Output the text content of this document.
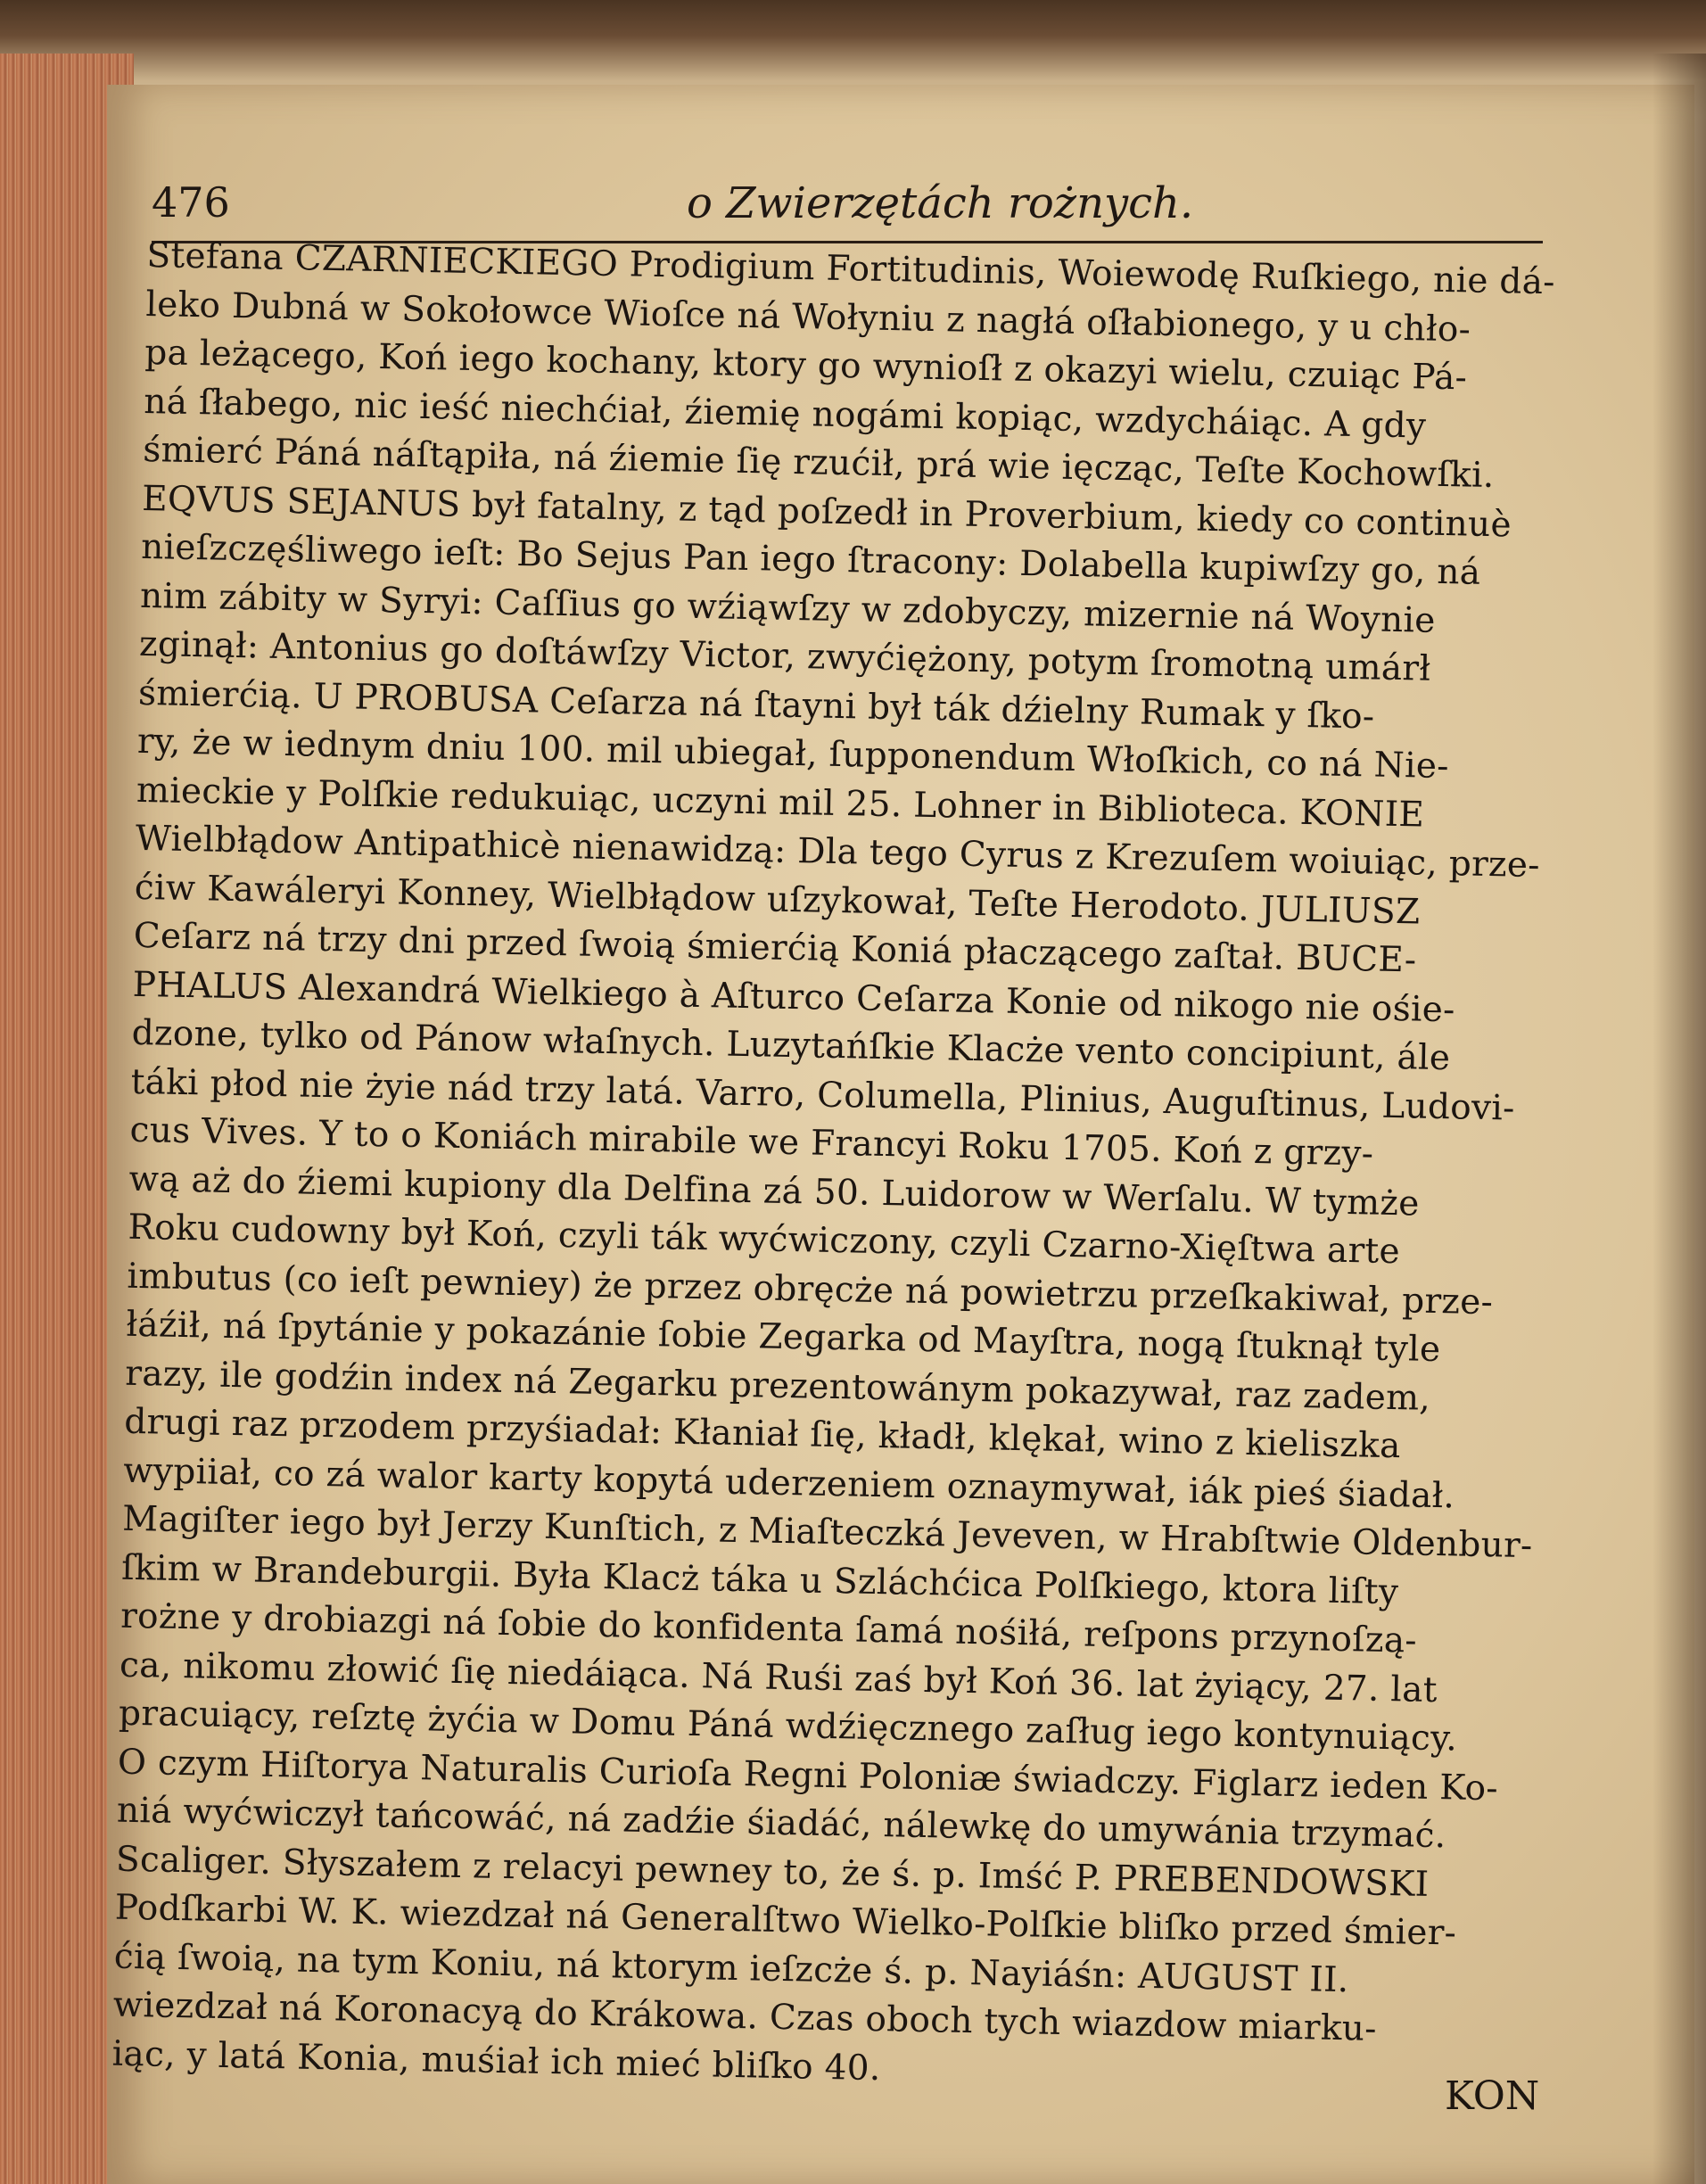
476	o Zwierzętách rożnych.
Stefana CZARNIECKIEGO Prodigium Fortitudinis, Woiewodę Ruſkiego, nie dá-
leko Dubná w Sokołowce Wioſce ná Wołyniu z nagłá oſłabionego, y u chło-
pa leżącego, Koń iego kochany, ktory go wynioſł z okazyi wielu, czuiąc Pá-
ná ſłabego, nic ieść niechćiał, źiemię nogámi kopiąc, wzdycháiąc. A gdy
śmierć Páná náſtąpiła, ná źiemie ſię rzućił, prá wie ięcząc, Teſte Kochowſki.
EQVUS SEJANUS był fatalny, z tąd poſzedł in Proverbium, kiedy co continuè
nieſzczęśliwego ieſt: Bo Sejus Pan iego ſtracony: Dolabella kupiwſzy go, ná
nim zábity w Syryi: Caſſius go wźiąwſzy w zdobyczy, mizernie ná Woynie
zginął: Antonius go doſtáwſzy Victor, zwyćiężony, potym ſromotną umárł
śmierćią. U PROBUSA Ceſarza ná ſtayni był ták dźielny Rumak y ſko-
ry, że w iednym dniu 100. mil ubiegał, ſupponendum Włoſkich, co ná Nie-
mieckie y Polſkie redukuiąc, uczyni mil 25. Lohner in Biblioteca. KONIE
Wielbłądow Antipathicè nienawidzą: Dla tego Cyrus z Krezuſem woiuiąc, prze-
ćiw Kawáleryi Konney, Wielbłądow uſzykował, Teſte Herodoto. JULIUSZ
Ceſarz ná trzy dni przed ſwoią śmierćią Koniá płaczącego zaſtał. BUCE-
PHALUS Alexandrá Wielkiego à Aſturco Ceſarza Konie od nikogo nie ośie-
dzone, tylko od Pánow właſnych. Luzytańſkie Klacże vento concipiunt, ále
táki płod nie żyie nád trzy latá. Varro, Columella, Plinius, Auguſtinus, Ludovi-
cus Vives. Y to o Koniách mirabile we Francyi Roku 1705. Koń z grzy-
wą aż do źiemi kupiony dla Delfina zá 50. Luidorow w Werſalu. W tymże
Roku cudowny był Koń, czyli ták wyćwiczony, czyli Czarno-Xięſtwa arte
imbutus (co ieſt pewniey) że przez obręcże ná powietrzu przeſkakiwał, prze-
łáźił, ná ſpytánie y pokazánie ſobie Zegarka od Mayſtra, nogą ſtuknął tyle
razy, ile godźin index ná Zegarku prezentowánym pokazywał, raz zadem,
drugi raz przodem przyśiadał: Kłaniał ſię, kładł, klękał, wino z kieliszka
wypiiał, co zá walor karty kopytá uderzeniem oznaymywał, iák pieś śiadał.
Magiſter iego był Jerzy Kunſtich, z Miaſteczká Jeveven, w Hrabſtwie Oldenbur-
ſkim w Brandeburgii. Była Klacż táka u Szláchćica Polſkiego, ktora liſty
rożne y drobiazgi ná ſobie do konfidenta ſamá nośiłá, reſpons przynoſzą-
ca, nikomu złowić ſię niedáiąca. Ná Ruśi zaś był Koń 36. lat żyiący, 27. lat
pracuiący, reſztę żyćia w Domu Páná wdźięcznego zaſług iego kontynuiący.
O czym Hiſtorya Naturalis Curioſa Regni Poloniæ świadczy. Figlarz ieden Ko-
niá wyćwiczył tańcowáć, ná zadźie śiadáć, nálewkę do umywánia trzymać.
Scaliger. Słyszałem z relacyi pewney to, że ś. p. Imść P. PREBENDOWSKI
Podſkarbi W. K. wiezdzał ná Generalſtwo Wielko-Polſkie bliſko przed śmier-
ćią ſwoią, na tym Koniu, ná ktorym ieſzcże ś. p. Nayiáśn: AUGUST II.
wiezdzał ná Koronacyą do Krákowa. Czas oboch tych wiazdow miarku-
iąc, y latá Konia, muśiał ich mieć bliſko 40.
KON
